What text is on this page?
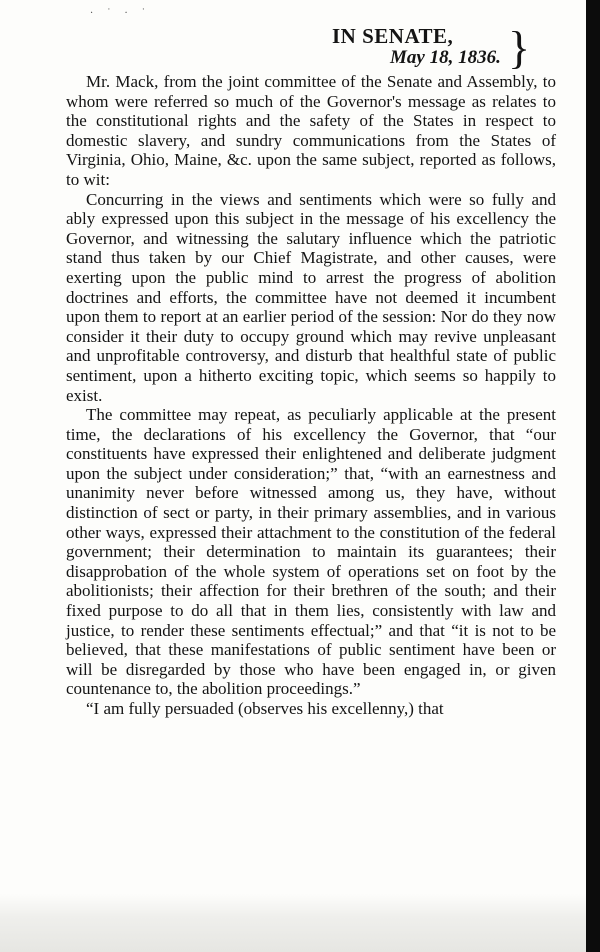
· ˙ · ˙
IN SENATE,
May 18, 1836. }

Mr. Mack, from the joint committee of the Senate and Assembly, to whom were referred so much of the Governor's message as relates to the constitutional rights and the safety of the States in respect to domestic slavery, and sundry communications from the States of Virginia, Ohio, Maine, &c. upon the same subject, reported as follows, to wit:

Concurring in the views and sentiments which were so fully and ably expressed upon this subject in the message of his excellency the Governor, and witnessing the salutary influence which the patriotic stand thus taken by our Chief Magistrate, and other causes, were exerting upon the public mind to arrest the progress of abolition doctrines and efforts, the committee have not deemed it incumbent upon them to report at an earlier period of the session: Nor do they now consider it their duty to occupy ground which may revive unpleasant and unprofitable controversy, and disturb that healthful state of public sentiment, upon a hitherto exciting topic, which seems so happily to exist.

The committee may repeat, as peculiarly applicable at the present time, the declarations of his excellency the Governor, that “our constituents have expressed their enlightened and deliberate judgment upon the subject under consideration;” that, “with an earnestness and unanimity never before witnessed among us, they have, without distinction of sect or party, in their primary assemblies, and in various other ways, expressed their attachment to the constitution of the federal government; their determination to maintain its guarantees; their disapprobation of the whole system of operations set on foot by the abolitionists; their affection for their brethren of the south; and their fixed purpose to do all that in them lies, consistently with law and justice, to render these sentiments effectual;” and that “it is not to be believed, that these manifestations of public sentiment have been or will be disregarded by those who have been engaged in, or given countenance to, the abolition proceedings.”

“I am fully persuaded (observes his excellenny,) that
